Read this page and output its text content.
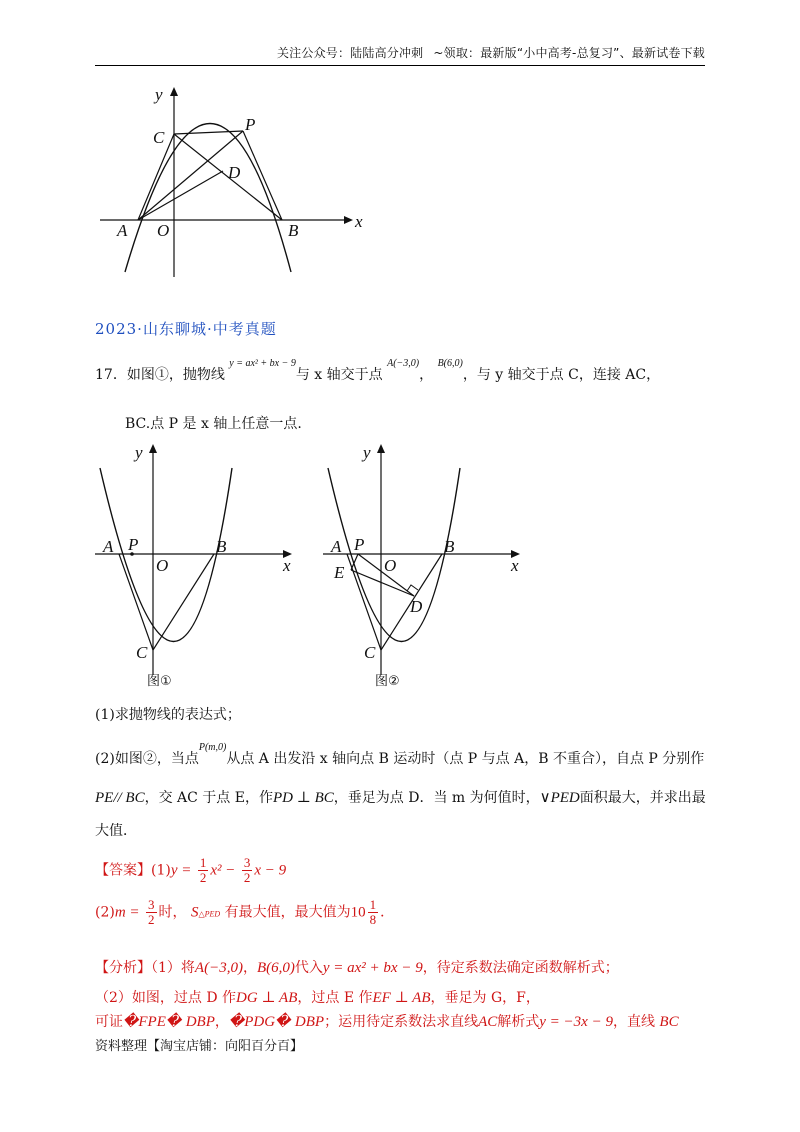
关注公众号：陆陆高分冲刺 ~领取：最新版“小中高考-总复习”、最新试卷下载
y
x
C
P
D
A O	B
2023·山东聊城·中考真题
17．如图①，抛物线 $^{y = ax^2 + bx - 9}$与 x 轴交于点 $^{A(-3,0)}$， $^{B(6,0)}$，与 y 轴交于点 C，连接 AC，
BC.点 P 是 x 轴上任意一点.
y
x
A P
O
B
C
图①
y
x
A P
O
B
E
D
C
图②
(1)求抛物线的表达式；
(2)如图②，当点$^{P(m,0)}$从点 A 出发沿 x 轴向点 B 运动时（点 P 与点 A，B 不重合），自点 P 分别作
PE// BC，交 AC 于点 E，作PD ⊥ BC，垂足为点 D．当 m 为何值时，∨PED面积最大，并求出最
大值．
【答案】$(1)y = \frac{1}{2} x^2 - \frac{3}{2}$ x − 9
$(2)m = \frac{3}{2}$ 时， S△PED 有最大值，最大值为$10 \frac{1}{8}$ ．
【分析】（1）将A(−3,0)，B(6,0)代入y = ax² + bx − 9，待定系数法确定函数解析式；
（2）如图，过点 D 作DG ⊥ AB，过点 E 作EF ⊥ AB，垂足为 G，F，
可证�FPE� DBP，�PDG� DBP；运用待定系数法求直线AC解析式y = −3x − 9，直线 BC
资料整理【淘宝店铺：向阳百分百】
